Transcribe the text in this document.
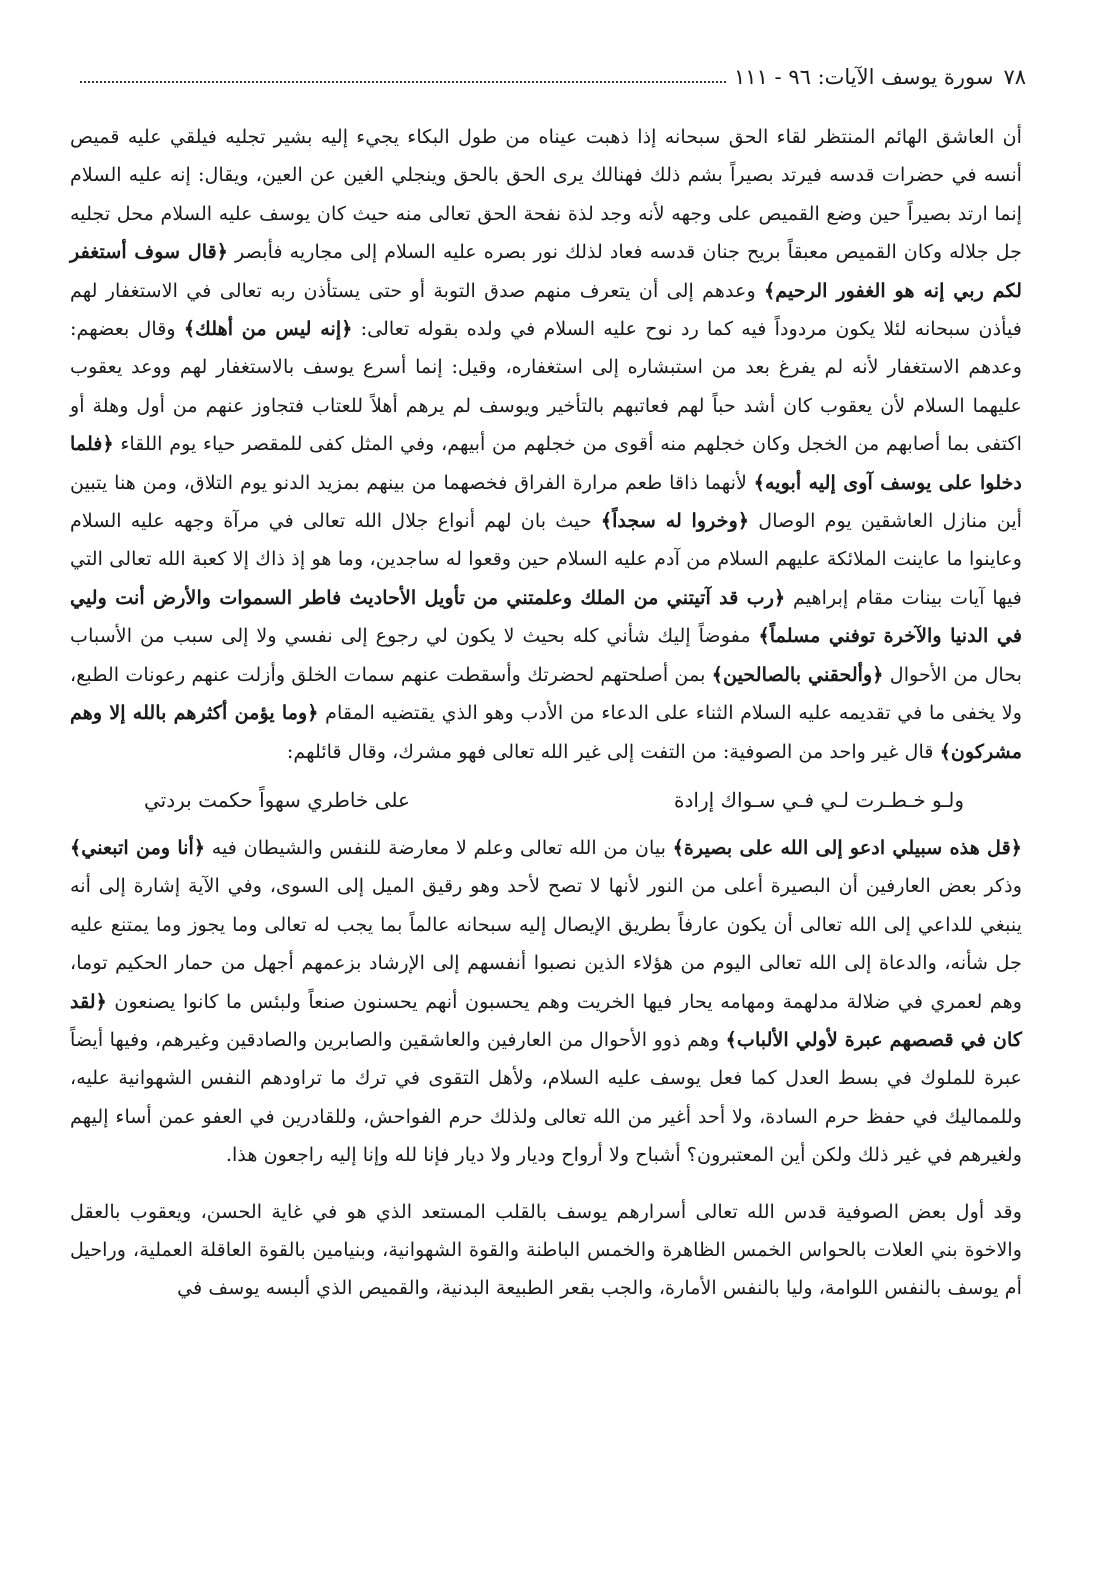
٧٨
سورة يوسف الآيات: ٩٦ - ١١١

أن العاشق الهائم المنتظر لقاء الحق سبحانه إذا ذهبت عيناه من طول البكاء يجيء إليه بشير تجليه فيلقي عليه قميص أنسه في حضرات قدسه فيرتد بصيراً بشم ذلك فهنالك يرى الحق بالحق وينجلي الغين عن العين، ويقال: إنه عليه السلام إنما ارتد بصيراً حين وضع القميص على وجهه لأنه وجد لذة نفحة الحق تعالى منه حيث كان يوسف عليه السلام محل تجليه جل جلاله وكان القميص معبقاً بريح جنان قدسه فعاد لذلك نور بصره عليه السلام إلى مجاريه فأبصر ﴿قال سوف أستغفر لكم ربي إنه هو الغفور الرحيم﴾ وعدهم إلى أن يتعرف منهم صدق التوبة أو حتى يستأذن ربه تعالى في الاستغفار لهم فيأذن سبحانه لئلا يكون مردوداً فيه كما رد نوح عليه السلام في ولده بقوله تعالى: ﴿إنه ليس من أهلك﴾ وقال بعضهم: وعدهم الاستغفار لأنه لم يفرغ بعد من استبشاره إلى استغفاره، وقيل: إنما أسرع يوسف بالاستغفار لهم ووعد يعقوب عليهما السلام لأن يعقوب كان أشد حباً لهم فعاتبهم بالتأخير ويوسف لم يرهم أهلاً للعتاب فتجاوز عنهم من أول وهلة أو اكتفى بما أصابهم من الخجل وكان خجلهم منه أقوى من خجلهم من أبيهم، وفي المثل كفى للمقصر حياء يوم اللقاء ﴿فلما دخلوا على يوسف آوى إليه أبويه﴾ لأنهما ذاقا طعم مرارة الفراق فخصهما من بينهم بمزيد الدنو يوم التلاق، ومن هنا يتبين أين منازل العاشقين يوم الوصال ﴿وخروا له سجداً﴾ حيث بان لهم أنواع جلال الله تعالى في مرآة وجهه عليه السلام وعاينوا ما عاينت الملائكة عليهم السلام من آدم عليه السلام حين وقعوا له ساجدين، وما هو إذ ذاك إلا كعبة الله تعالى التي فيها آيات بينات مقام إبراهيم ﴿رب قد آتيتني من الملك وعلمتني من تأويل الأحاديث فاطر السموات والأرض أنت وليي في الدنيا والآخرة توفني مسلماً﴾ مفوضاً إليك شأني كله بحيث لا يكون لي رجوع إلى نفسي ولا إلى سبب من الأسباب بحال من الأحوال ﴿وألحقني بالصالحين﴾ بمن أصلحتهم لحضرتك وأسقطت عنهم سمات الخلق وأزلت عنهم رعونات الطبع، ولا يخفى ما في تقديمه عليه السلام الثناء على الدعاء من الأدب وهو الذي يقتضيه المقام ﴿وما يؤمن أكثرهم بالله إلا وهم مشركون﴾ قال غير واحد من الصوفية: من التفت إلى غير الله تعالى فهو مشرك، وقال قائلهم:

ولـو خـطـرت لـي فـي سـواك إرادة
على خاطري سهواً حكمت بردتي

﴿قل هذه سبيلي ادعو إلى الله على بصيرة﴾ بيان من الله تعالى وعلم لا معارضة للنفس والشيطان فيه ﴿أنا ومن اتبعني﴾ وذكر بعض العارفين أن البصيرة أعلى من النور لأنها لا تصح لأحد وهو رقيق الميل إلى السوى، وفي الآية إشارة إلى أنه ينبغي للداعي إلى الله تعالى أن يكون عارفاً بطريق الإيصال إليه سبحانه عالماً بما يجب له تعالى وما يجوز وما يمتنع عليه جل شأنه، والدعاة إلى الله تعالى اليوم من هؤلاء الذين نصبوا أنفسهم إلى الإرشاد بزعمهم أجهل من حمار الحكيم توما، وهم لعمري في ضلالة مدلهمة ومهامه يحار فيها الخريت وهم يحسبون أنهم يحسنون صنعاً ولبئس ما كانوا يصنعون ﴿لقد كان في قصصهم عبرة لأولي الألباب﴾ وهم ذوو الأحوال من العارفين والعاشقين والصابرين والصادقين وغيرهم، وفيها أيضاً عبرة للملوك في بسط العدل كما فعل يوسف عليه السلام، ولأهل التقوى في ترك ما تراودهم النفس الشهوانية عليه، وللمماليك في حفظ حرم السادة، ولا أحد أغير من الله تعالى ولذلك حرم الفواحش، وللقادرين في العفو عمن أساء إليهم ولغيرهم في غير ذلك ولكن أين المعتبرون؟ أشباح ولا أرواح وديار ولا ديار فإنا لله وإنا إليه راجعون هذا.

وقد أول بعض الصوفية قدس الله تعالى أسرارهم يوسف بالقلب المستعد الذي هو في غاية الحسن، ويعقوب بالعقل والاخوة بني العلات بالحواس الخمس الظاهرة والخمس الباطنة والقوة الشهوانية، وبنيامين بالقوة العاقلة العملية، وراحيل أم يوسف بالنفس اللوامة، وليا بالنفس الأمارة، والجب بقعر الطبيعة البدنية، والقميص الذي ألبسه يوسف في
